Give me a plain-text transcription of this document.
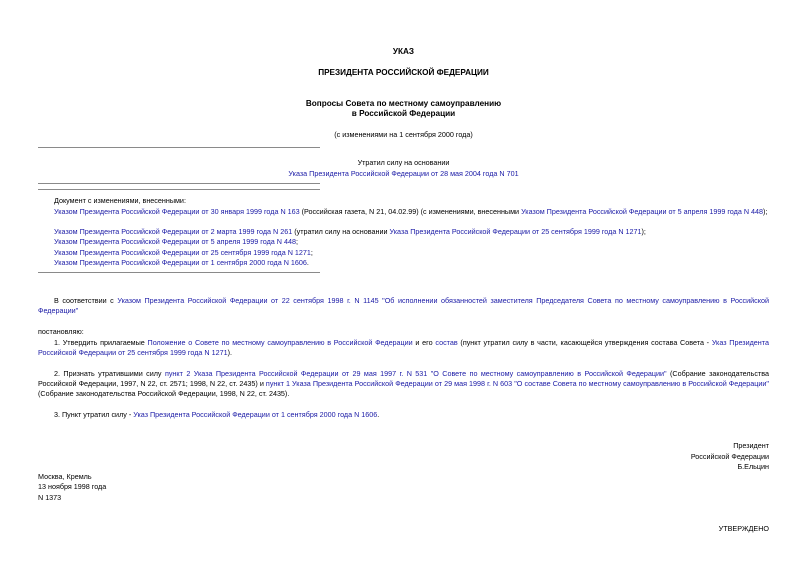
УКАЗ
ПРЕЗИДЕНТА РОССИЙСКОЙ ФЕДЕРАЦИИ
Вопросы Совета по местному самоуправлению
в Российской Федерации
(с изменениями на 1 сентября 2000 года)
Утратил силу на основании
Указа Президента Российской Федерации от 28 мая 2004 года N 701
Документ с изменениями, внесенными:
Указом Президента Российской Федерации от 30 января 1999 года N 163 (Российская газета, N 21, 04.02.99) (с изменениями, внесенными Указом Президента Российской Федерации от 5 апреля 1999 года N 448);
Указом Президента Российской Федерации от 2 марта 1999 года N 261 (утратил силу на основании Указа Президента Российской Федерации от 25 сентября 1999 года N 1271);
Указом Президента Российской Федерации от 5 апреля 1999 года N 448;
Указом Президента Российской Федерации от 25 сентября 1999 года N 1271;
Указом Президента Российской Федерации от 1 сентября 2000 года N 1606.
В соответствии с Указом Президента Российской Федерации от 22 сентября 1998 г. N 1145 "Об исполнении обязанностей заместителя Председателя Совета по местному самоуправлению в Российской Федерации"
постановляю:
1. Утвердить прилагаемые Положение о Совете по местному самоуправлению в Российской Федерации и его состав (пункт утратил силу в части, касающейся утверждения состава Совета - Указ Президента Российской Федерации от 25 сентября 1999 года N 1271).
2. Признать утратившими силу пункт 2 Указа Президента Российской Федерации от 29 мая 1997 г. N 531 "О Совете по местному самоуправлению в Российской Федерации" (Собрание законодательства Российской Федерации, 1997, N 22, ст. 2571; 1998, N 22, ст. 2435) и пункт 1 Указа Президента Российской Федерации от 29 мая 1998 г. N 603 "О составе Совета по местному самоуправлению в Российской Федерации" (Собрание законодательства Российской Федерации, 1998, N 22, ст. 2435).
3. Пункт утратил силу - Указ Президента Российской Федерации от 1 сентября 2000 года N 1606.
Президент
Российской Федерации
Б.Ельцин
Москва, Кремль
13 ноября 1998 года
N 1373
УТВЕРЖДЕНО
